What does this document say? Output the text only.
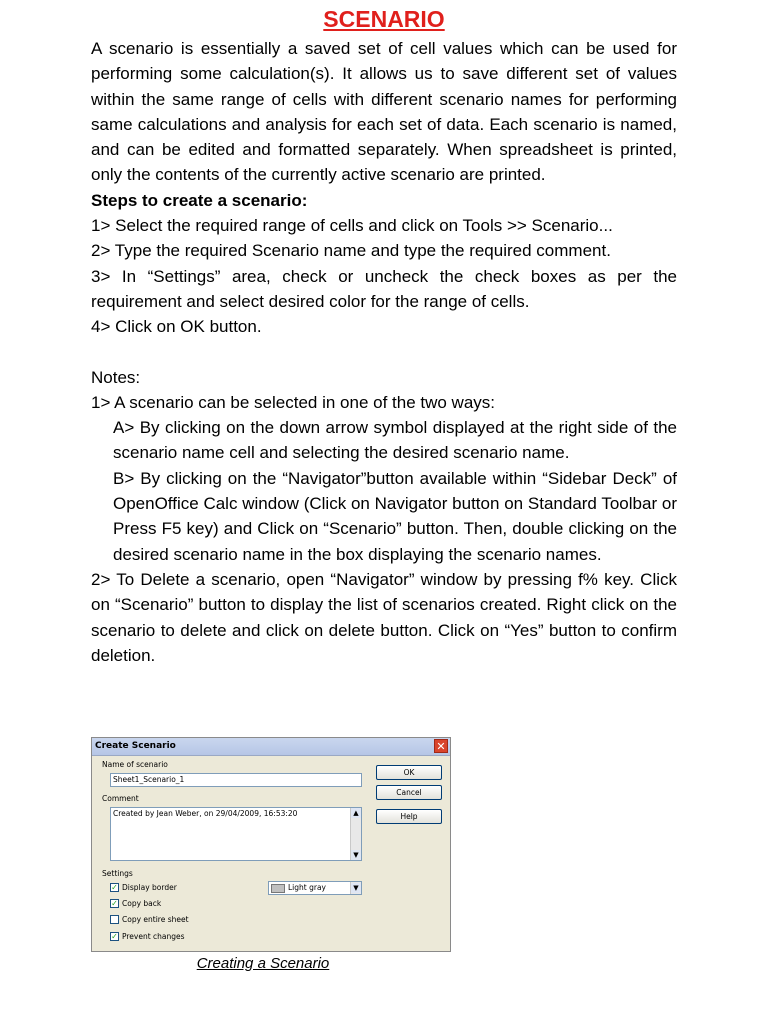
SCENARIO

A scenario is essentially a saved set of cell values which can be used for performing some calculation(s). It allows us to save different set of values within the same range of cells with different scenario names for performing same calculations and analysis for each set of data. Each scenario is named, and can be edited and formatted separately. When spreadsheet is printed, only the contents of the currently active scenario are printed.

Steps to create a scenario:

1> Select the required range of cells and click on Tools >> Scenario...

2> Type the required Scenario name and type the required comment.

3> In “Settings” area, check or uncheck the check boxes as per the requirement and select desired color for the range of cells.

4> Click on OK button.

Notes:

1> A scenario can be selected in one of the two ways:

A> By clicking on the down arrow symbol displayed at the right side of the scenario name cell and selecting the desired scenario name.

B> By clicking on the “Navigator”button available within “Sidebar Deck” of OpenOffice Calc window (Click on Navigator button on Standard Toolbar or Press F5 key) and Click on “Scenario” button. Then, double clicking on the desired scenario name in the box displaying the scenario names.

2> To Delete a scenario, open “Navigator” window by pressing f% key. Click on “Scenario” button to display the list of scenarios created. Right click on the scenario to delete and click on delete button. Click on “Yes” button to confirm deletion.

Create Scenario	✕
Name of scenario
Sheet1_Scenario_1
Comment
Created by Jean Weber, on 29/04/2009, 16:53:20	▲
▼
OK
Cancel
Help
Settings
✓ Display border
✓ Copy back
Copy entire sheet
✓ Prevent changes
Light gray	▼
Creating a Scenario
